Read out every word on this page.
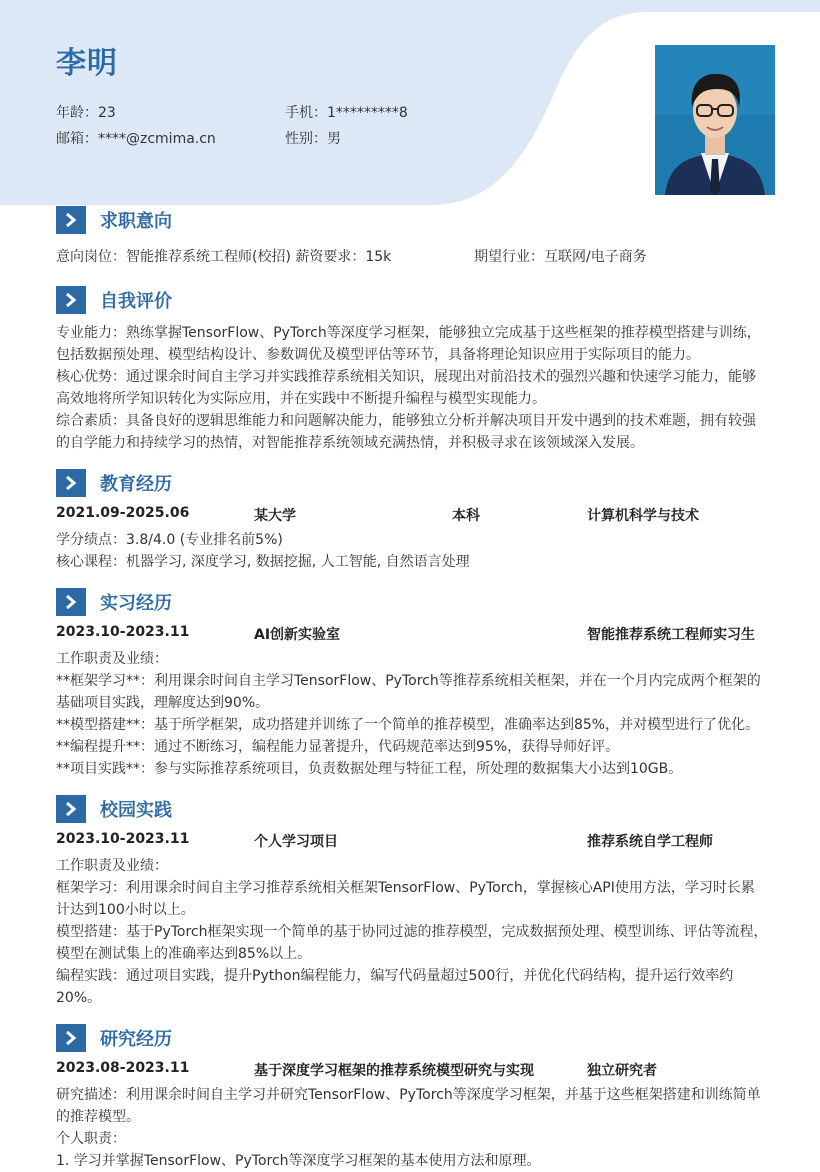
李明
年龄：23	手机：1*********8
邮箱：****@zcmima.cn	性别：男
求职意向
意向岗位：智能推荐系统工程师(校招) 薪资要求：15k	期望行业：互联网/电子商务
自我评价
专业能力：熟练掌握TensorFlow、PyTorch等深度学习框架，能够独立完成基于这些框架的推荐模型搭建与训练，包括数据预处理、模型结构设计、参数调优及模型评估等环节，具备将理论知识应用于实际项目的能力。
核心优势：通过课余时间自主学习并实践推荐系统相关知识，展现出对前沿技术的强烈兴趣和快速学习能力，能够高效地将所学知识转化为实际应用，并在实践中不断提升编程与模型实现能力。
综合素质：具备良好的逻辑思维能力和问题解决能力，能够独立分析并解决项目开发中遇到的技术难题，拥有较强的自学能力和持续学习的热情，对智能推荐系统领域充满热情，并积极寻求在该领域深入发展。
教育经历
2021.09-2025.06	某大学	本科	计算机科学与技术
学分绩点：3.8/4.0 (专业排名前5%)
核心课程：机器学习, 深度学习, 数据挖掘, 人工智能, 自然语言处理
实习经历
2023.10-2023.11	AI创新实验室	智能推荐系统工程师实习生
工作职责及业绩：
**框架学习**：利用课余时间自主学习TensorFlow、PyTorch等推荐系统相关框架，并在一个月内完成两个框架的基础项目实践，理解度达到90%。
**模型搭建**：基于所学框架，成功搭建并训练了一个简单的推荐模型，准确率达到85%，并对模型进行了优化。
**编程提升**：通过不断练习，编程能力显著提升，代码规范率达到95%，获得导师好评。
**项目实践**：参与实际推荐系统项目，负责数据处理与特征工程，所处理的数据集大小达到10GB。
校园实践
2023.10-2023.11	个人学习项目	推荐系统自学工程师
工作职责及业绩：
框架学习：利用课余时间自主学习推荐系统相关框架TensorFlow、PyTorch，掌握核心API使用方法，学习时长累计达到100小时以上。
模型搭建：基于PyTorch框架实现一个简单的基于协同过滤的推荐模型，完成数据预处理、模型训练、评估等流程，模型在测试集上的准确率达到85%以上。
编程实践：通过项目实践，提升Python编程能力，编写代码量超过500行，并优化代码结构，提升运行效率约20%。
研究经历
2023.08-2023.11	基于深度学习框架的推荐系统模型研究与实现	独立研究者
研究描述：利用课余时间自主学习并研究TensorFlow、PyTorch等深度学习框架，并基于这些框架搭建和训练简单的推荐模型。
个人职责：
1. 学习并掌握TensorFlow、PyTorch等深度学习框架的基本使用方法和原理。
